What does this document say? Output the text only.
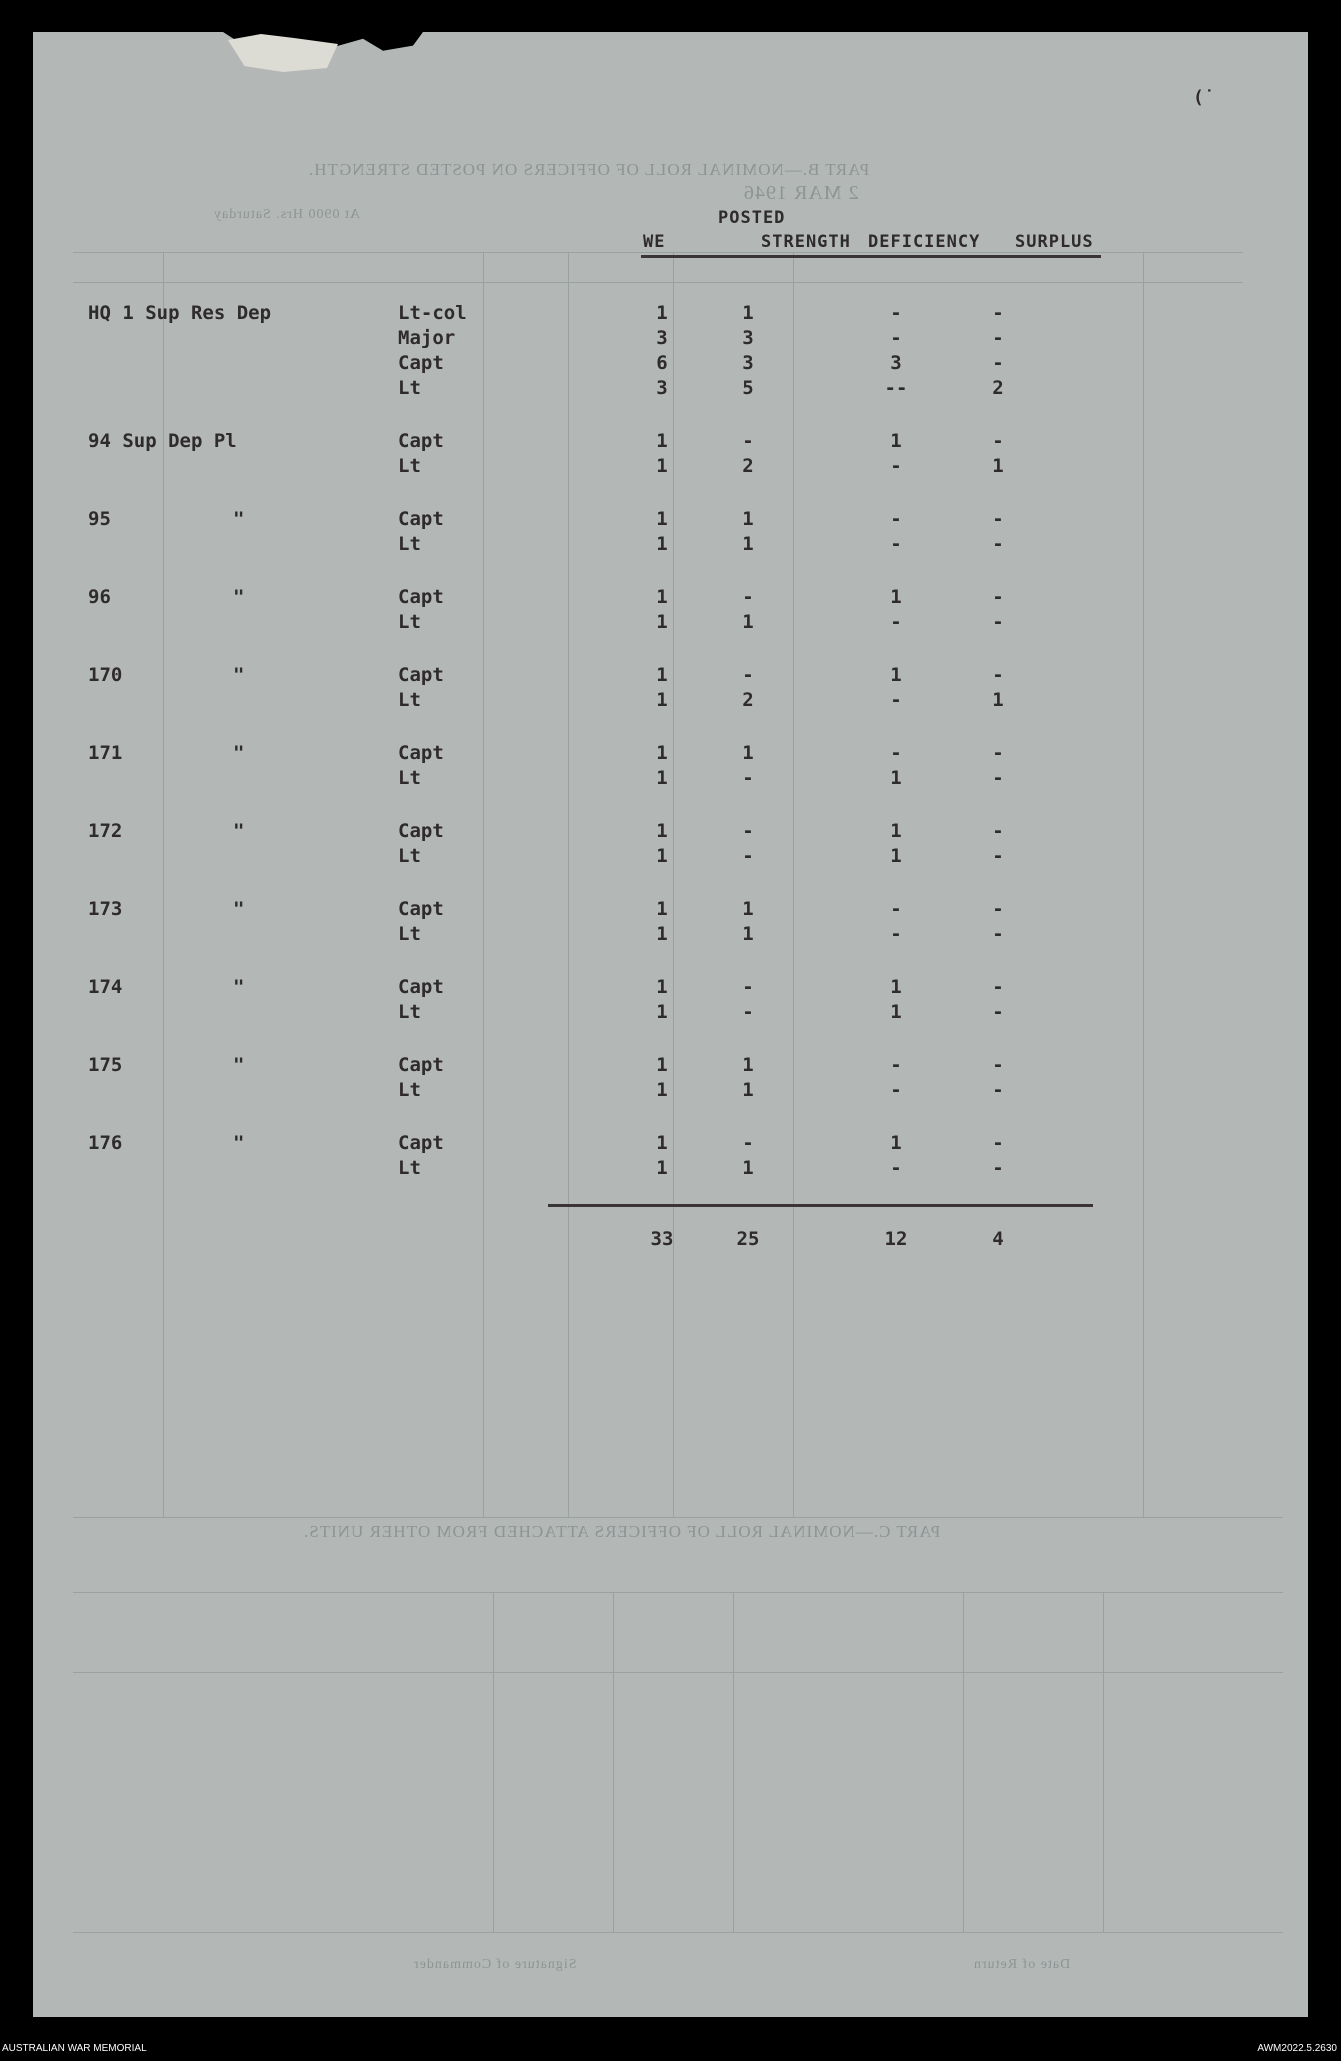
PART B.—NOMINAL ROLL OF OFFICERS ON POSTED STRENGTH.
At 0900 Hrs. Saturday
2 MAR 1946
PART C.—NOMINAL ROLL OF OFFICERS ATTACHED FROM OTHER UNITS.
Signature of Commander	Date of Return
(˙
POSTED
WE	STRENGTH DEFICIENCY SURPLUS
HQ 1 Sup Res Dep	Lt-col	1	1	-	-
Major	3	3	-	-
Capt	6	3	3	-
Lt	3	5	--	2
94 Sup Dep Pl	Capt	1	-	1	-
Lt	1	2	-	1
95	"	Capt	1	1	-	-
Lt	1	1	-	-
96	"	Capt	1	-	1	-
Lt	1	1	-	-
170	"	Capt	1	-	1	-
Lt	1	2	-	1
171	"	Capt	1	1	-	-
Lt	1	-	1	-
172	"	Capt	1	-	1	-
Lt	1	-	1	-
173	"	Capt	1	1	-	-
Lt	1	1	-	-
174	"	Capt	1	-	1	-
Lt	1	-	1	-
175	"	Capt	1	1	-	-
Lt	1	1	-	-
176	"	Capt	1	-	1	-
Lt	1	1	-	-
33	25	12	4
AUSTRALIAN WAR MEMORIAL	AWM2022.5.2630
